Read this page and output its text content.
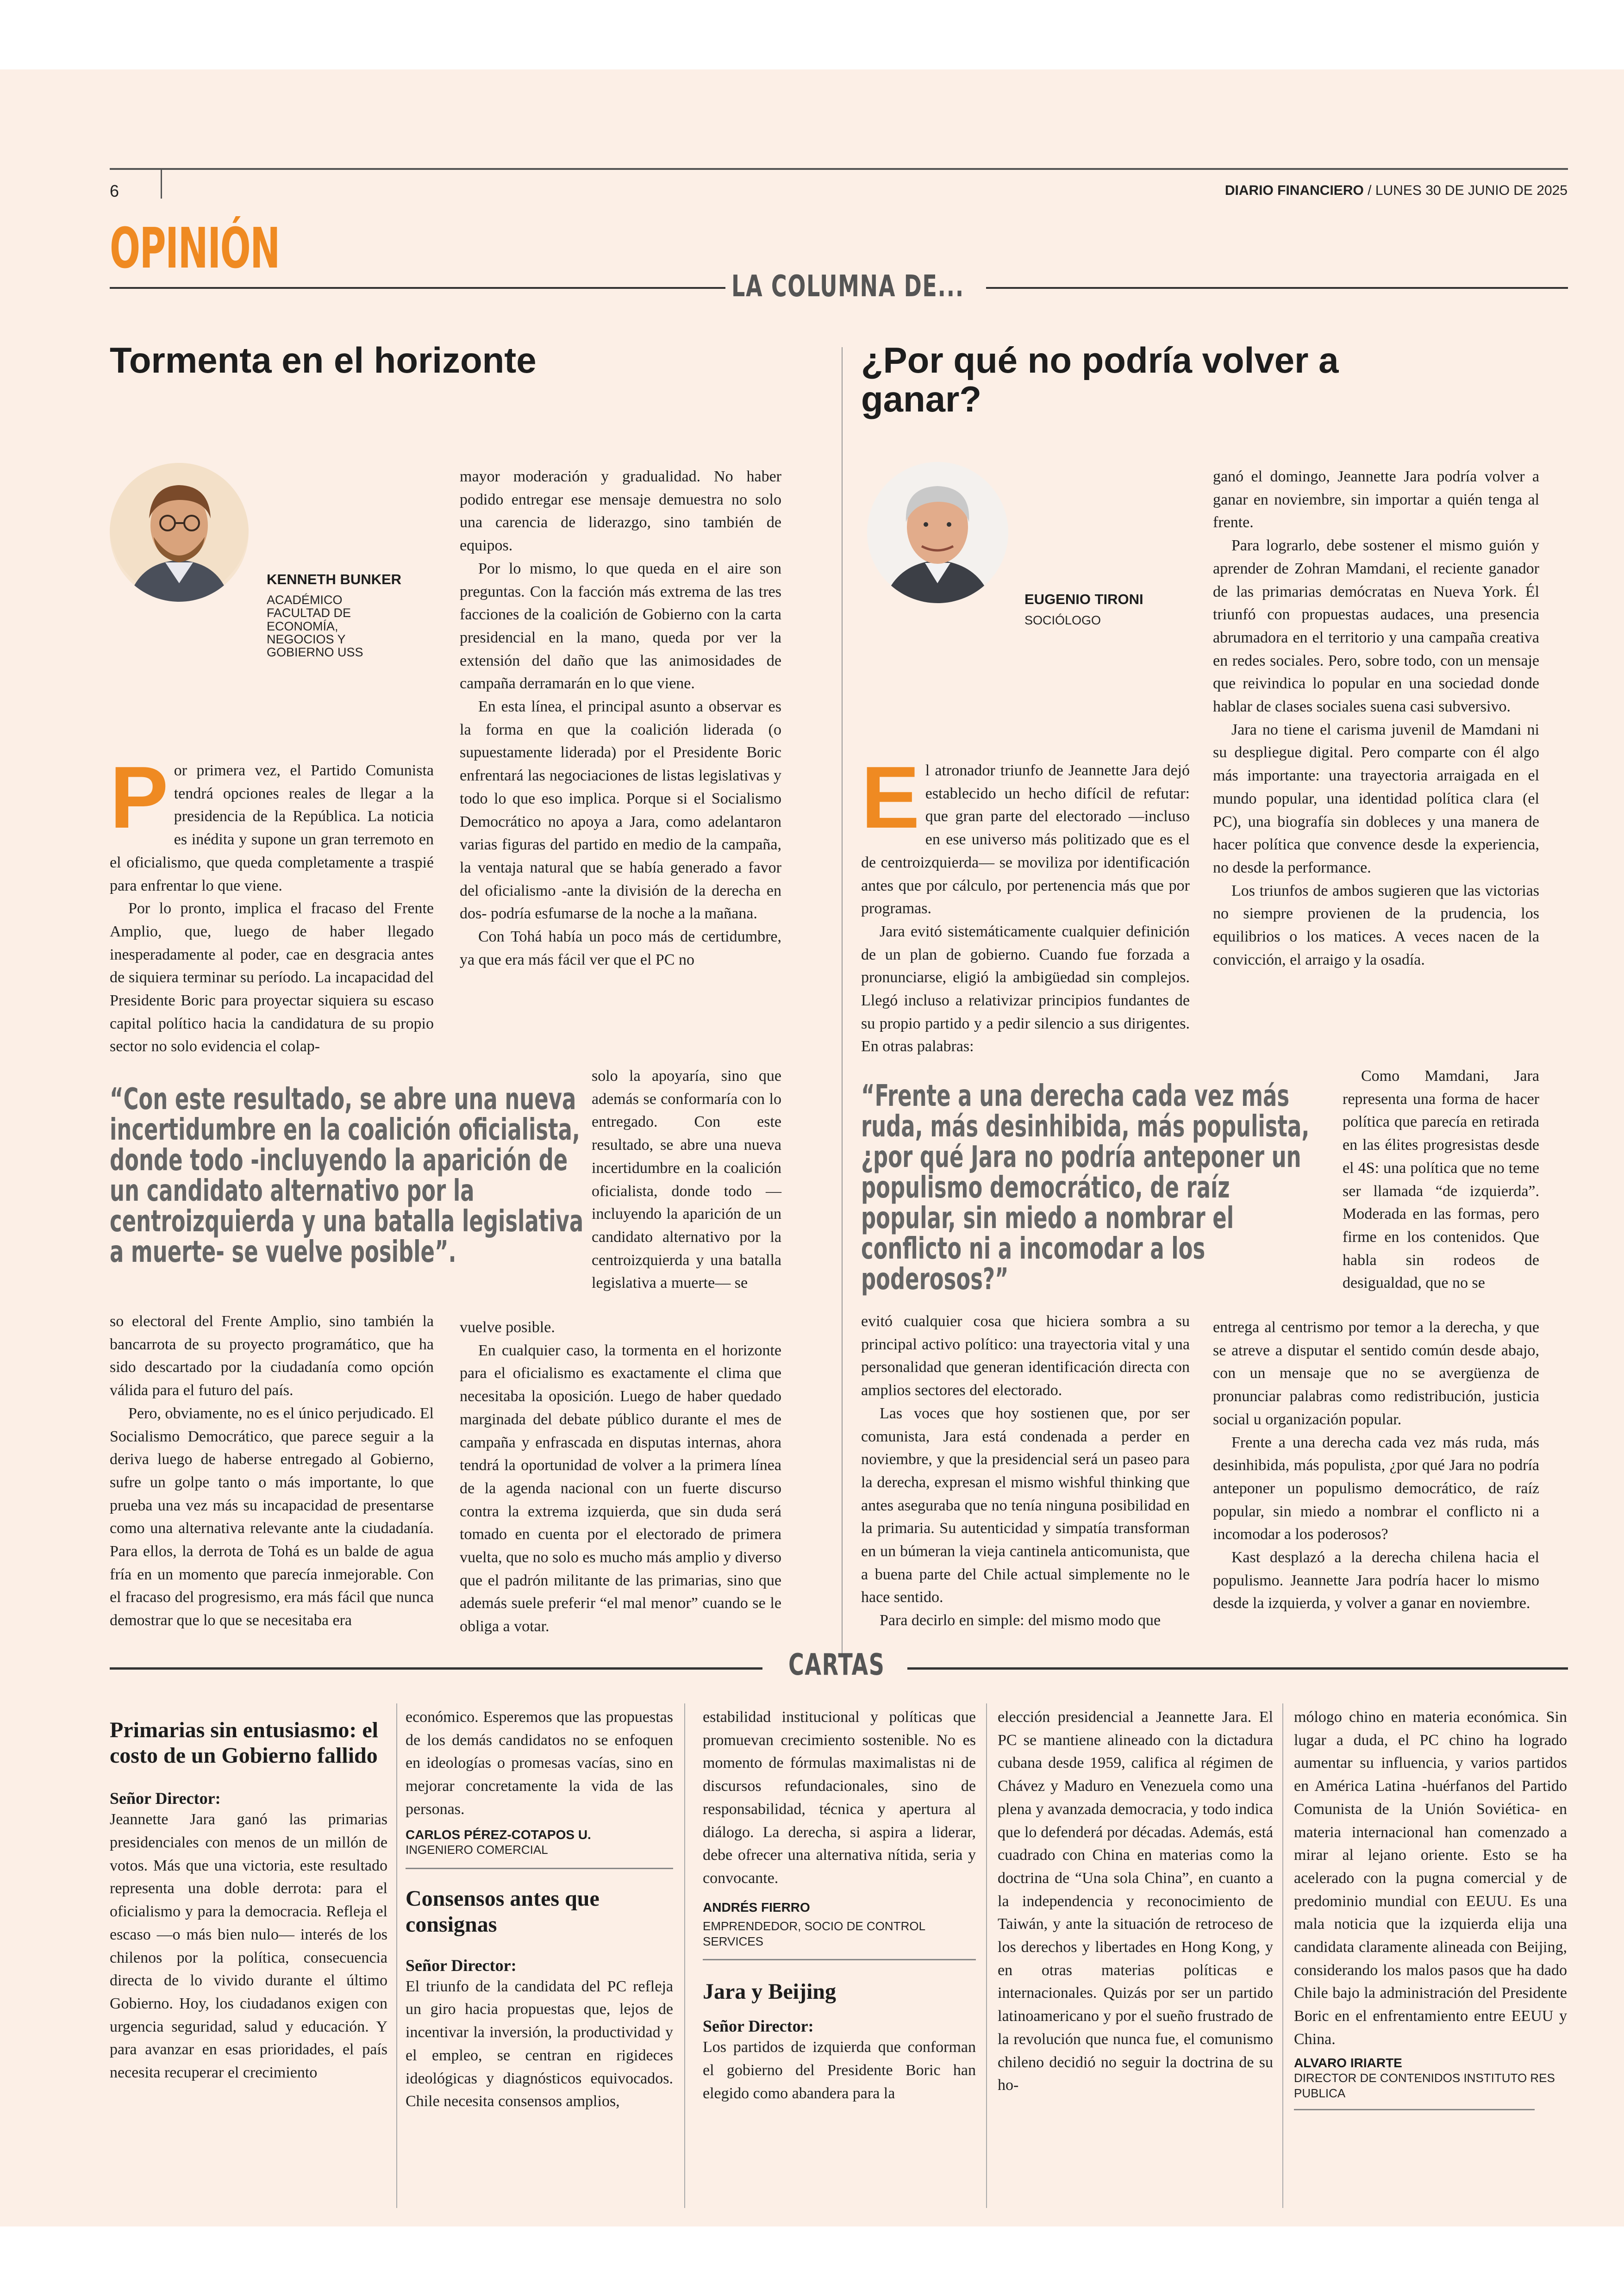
6	DIARIO FINANCIERO / LUNES 30 DE JUNIO DE 2025
OPINIÓN
LA COLUMNA DE...
Tormenta en el horizonte
KENNETH BUNKER
ACADÉMICO FACULTAD DE ECONOMÍA, NEGOCIOS Y GOBIERNO USS
P or primera vez, el Partido Comunista tendrá opciones reales de llegar a la presidencia de la República. La noticia es inédita y supone un gran terremoto en el oficialismo, que queda completamente a traspié para enfrentar lo que viene.

Por lo pronto, implica el fracaso del Frente Amplio, que, luego de haber llegado inesperadamente al poder, cae en desgracia antes de siquiera terminar su período. La incapacidad del Presidente Boric para proyectar siquiera su escaso capital político hacia la candidatura de su propio sector no solo evidencia el colap-

“Con este resultado, se abre una nueva incertidumbre en la coalición oficialista, donde todo -incluyendo la aparición de un candidato alternativo por la centroizquierda y una batalla legislativa a muerte- se vuelve posible”.

so electoral del Frente Amplio, sino también la bancarrota de su proyecto programático, que ha sido descartado por la ciudadanía como opción válida para el futuro del país.

Pero, obviamente, no es el único perjudicado. El Socialismo Democrático, que parece seguir a la deriva luego de haberse entregado al Gobierno, sufre un golpe tanto o más importante, lo que prueba una vez más su incapacidad de presentarse como una alternativa relevante ante la ciudadanía. Para ellos, la derrota de Tohá es un balde de agua fría en un momento que parecía inmejorable. Con el fracaso del progresismo, era más fácil que nunca demostrar que lo que se necesitaba era

mayor moderación y gradualidad. No haber podido entregar ese mensaje demuestra no solo una carencia de liderazgo, sino también de equipos.

Por lo mismo, lo que queda en el aire son preguntas. Con la facción más extrema de las tres facciones de la coalición de Gobierno con la carta presidencial en la mano, queda por ver la extensión del daño que las animosidades de campaña derramarán en lo que viene.

En esta línea, el principal asunto a observar es la forma en que la coalición liderada (o supuestamente liderada) por el Presidente Boric enfrentará las negociaciones de listas legislativas y todo lo que eso implica. Porque si el Socialismo Democrático no apoya a Jara, como adelantaron varias figuras del partido en medio de la campaña, la ventaja natural que se había generado a favor del oficialismo -ante la división de la derecha en dos- podría esfumarse de la noche a la mañana.

Con Tohá había un poco más de certidumbre, ya que era más fácil ver que el PC no

solo la apoyaría, sino que además se conformaría con lo entregado. Con este resultado, se abre una nueva incertidumbre en la coalición oficialista, donde todo —incluyendo la aparición de un candidato alternativo por la centroizquierda y una batalla legislativa a muerte— se

vuelve posible.

En cualquier caso, la tormenta en el horizonte para el oficialismo es exactamente el clima que necesitaba la oposición. Luego de haber quedado marginada del debate público durante el mes de campaña y enfrascada en disputas internas, ahora tendrá la oportunidad de volver a la primera línea de la agenda nacional con un fuerte discurso contra la extrema izquierda, que sin duda será tomado en cuenta por el electorado de primera vuelta, que no solo es mucho más amplio y diverso que el padrón militante de las primarias, sino que además suele preferir “el mal menor” cuando se le obliga a votar.

¿Por qué no podría volver a ganar?
EUGENIO TIRONI
SOCIÓLOGO
E l atronador triunfo de Jeannette Jara dejó establecido un hecho difícil de refutar: que gran parte del electorado —incluso en ese universo más politizado que es el de centroizquierda— se moviliza por identificación antes que por cálculo, por pertenencia más que por programas.

Jara evitó sistemáticamente cualquier definición de un plan de gobierno. Cuando fue forzada a pronunciarse, eligió la ambigüedad sin complejos. Llegó incluso a relativizar principios fundantes de su propio partido y a pedir silencio a sus dirigentes. En otras palabras:

“Frente a una derecha cada vez más ruda, más desinhibida, más populista, ¿por qué Jara no podría anteponer un populismo democrático, de raíz popular, sin miedo a nombrar el conflicto ni a incomodar a los poderosos?”

evitó cualquier cosa que hiciera sombra a su principal activo político: una trayectoria vital y una personalidad que generan identificación directa con amplios sectores del electorado.

Las voces que hoy sostienen que, por ser comunista, Jara está condenada a perder en noviembre, y que la presidencial será un paseo para la derecha, expresan el mismo wishful thinking que antes aseguraba que no tenía ninguna posibilidad en la primaria. Su autenticidad y simpatía transforman en un búmeran la vieja cantinela anticomunista, que a buena parte del Chile actual simplemente no le hace sentido.

Para decirlo en simple: del mismo modo que

ganó el domingo, Jeannette Jara podría volver a ganar en noviembre, sin importar a quién tenga al frente.

Para lograrlo, debe sostener el mismo guión y aprender de Zohran Mamdani, el reciente ganador de las primarias demócratas en Nueva York. Él triunfó con propuestas audaces, una presencia abrumadora en el territorio y una campaña creativa en redes sociales. Pero, sobre todo, con un mensaje que reivindica lo popular en una sociedad donde hablar de clases sociales suena casi subversivo.

Jara no tiene el carisma juvenil de Mamdani ni su despliegue digital. Pero comparte con él algo más importante: una trayectoria arraigada en el mundo popular, una identidad política clara (el PC), una biografía sin dobleces y una manera de hacer política que convence desde la experiencia, no desde la performance.

Los triunfos de ambos sugieren que las victorias no siempre provienen de la prudencia, los equilibrios o los matices. A veces nacen de la convicción, el arraigo y la osadía.

Como Mamdani, Jara representa una forma de hacer política que parecía en retirada en las élites progresistas desde el 4S: una política que no teme ser llamada “de izquierda”. Moderada en las formas, pero firme en los contenidos. Que habla sin rodeos de desigualdad, que no se

entrega al centrismo por temor a la derecha, y que se atreve a disputar el sentido común desde abajo, con un mensaje que no se avergüenza de pronunciar palabras como redistribución, justicia social u organización popular.

Frente a una derecha cada vez más ruda, más desinhibida, más populista, ¿por qué Jara no podría anteponer un populismo democrático, de raíz popular, sin miedo a nombrar el conflicto ni a incomodar a los poderosos?

Kast desplazó a la derecha chilena hacia el populismo. Jeannette Jara podría hacer lo mismo desde la izquierda, y volver a ganar en noviembre.

CARTAS
Primarias sin entusiasmo: el costo de un Gobierno fallido
Señor Director:
Jeannette Jara ganó las primarias presidenciales con menos de un millón de votos. Más que una victoria, este resultado representa una doble derrota: para el oficialismo y para la democracia. Refleja el escaso —o más bien nulo— interés de los chilenos por la política, consecuencia directa de lo vivido durante el último Gobierno. Hoy, los ciudadanos exigen con urgencia seguridad, salud y educación. Y para avanzar en esas prioridades, el país necesita recuperar el crecimiento
económico. Esperemos que las propuestas de los demás candidatos no se enfoquen en ideologías o promesas vacías, sino en mejorar concretamente la vida de las personas.
CARLOS PÉREZ-COTAPOS U.
INGENIERO COMERCIAL
Consensos antes que consignas
Señor Director:
El triunfo de la candidata del PC refleja un giro hacia propuestas que, lejos de incentivar la inversión, la productividad y el empleo, se centran en rigideces ideológicas y diagnósticos equivocados. Chile necesita consensos amplios,
estabilidad institucional y políticas que promuevan crecimiento sostenible. No es momento de fórmulas maximalistas ni de discursos refundacionales, sino de responsabilidad, técnica y apertura al diálogo. La derecha, si aspira a liderar, debe ofrecer una alternativa nítida, seria y convocante.
ANDRÉS FIERRO
EMPRENDEDOR, SOCIO DE CONTROL SERVICES
Jara y Beijing
Señor Director:
Los partidos de izquierda que conforman el gobierno del Presidente Boric han elegido como abandera para la
elección presidencial a Jeannette Jara. El PC se mantiene alineado con la dictadura cubana desde 1959, califica al régimen de Chávez y Maduro en Venezuela como una plena y avanzada democracia, y todo indica que lo defenderá por décadas. Además, está cuadrado con China en materias como la doctrina de “Una sola China”, en cuanto a la independencia y reconocimiento de Taiwán, y ante la situación de retroceso de los derechos y libertades en Hong Kong, y en otras materias políticas e internacionales. Quizás por ser un partido latinoamericano y por el sueño frustrado de la revolución que nunca fue, el comunismo chileno decidió no seguir la doctrina de su ho-
mólogo chino en materia económica. Sin lugar a duda, el PC chino ha logrado aumentar su influencia, y varios partidos en América Latina -huérfanos del Partido Comunista de la Unión Soviética- en materia internacional han comenzado a mirar al lejano oriente. Esto se ha acelerado con la pugna comercial y de predominio mundial con EEUU. Es una mala noticia que la izquierda elija una candidata claramente alineada con Beijing, considerando los malos pasos que ha dado Chile bajo la administración del Presidente Boric en el enfrentamiento entre EEUU y China.
ALVARO IRIARTE
DIRECTOR DE CONTENIDOS INSTITUTO RES PUBLICA
